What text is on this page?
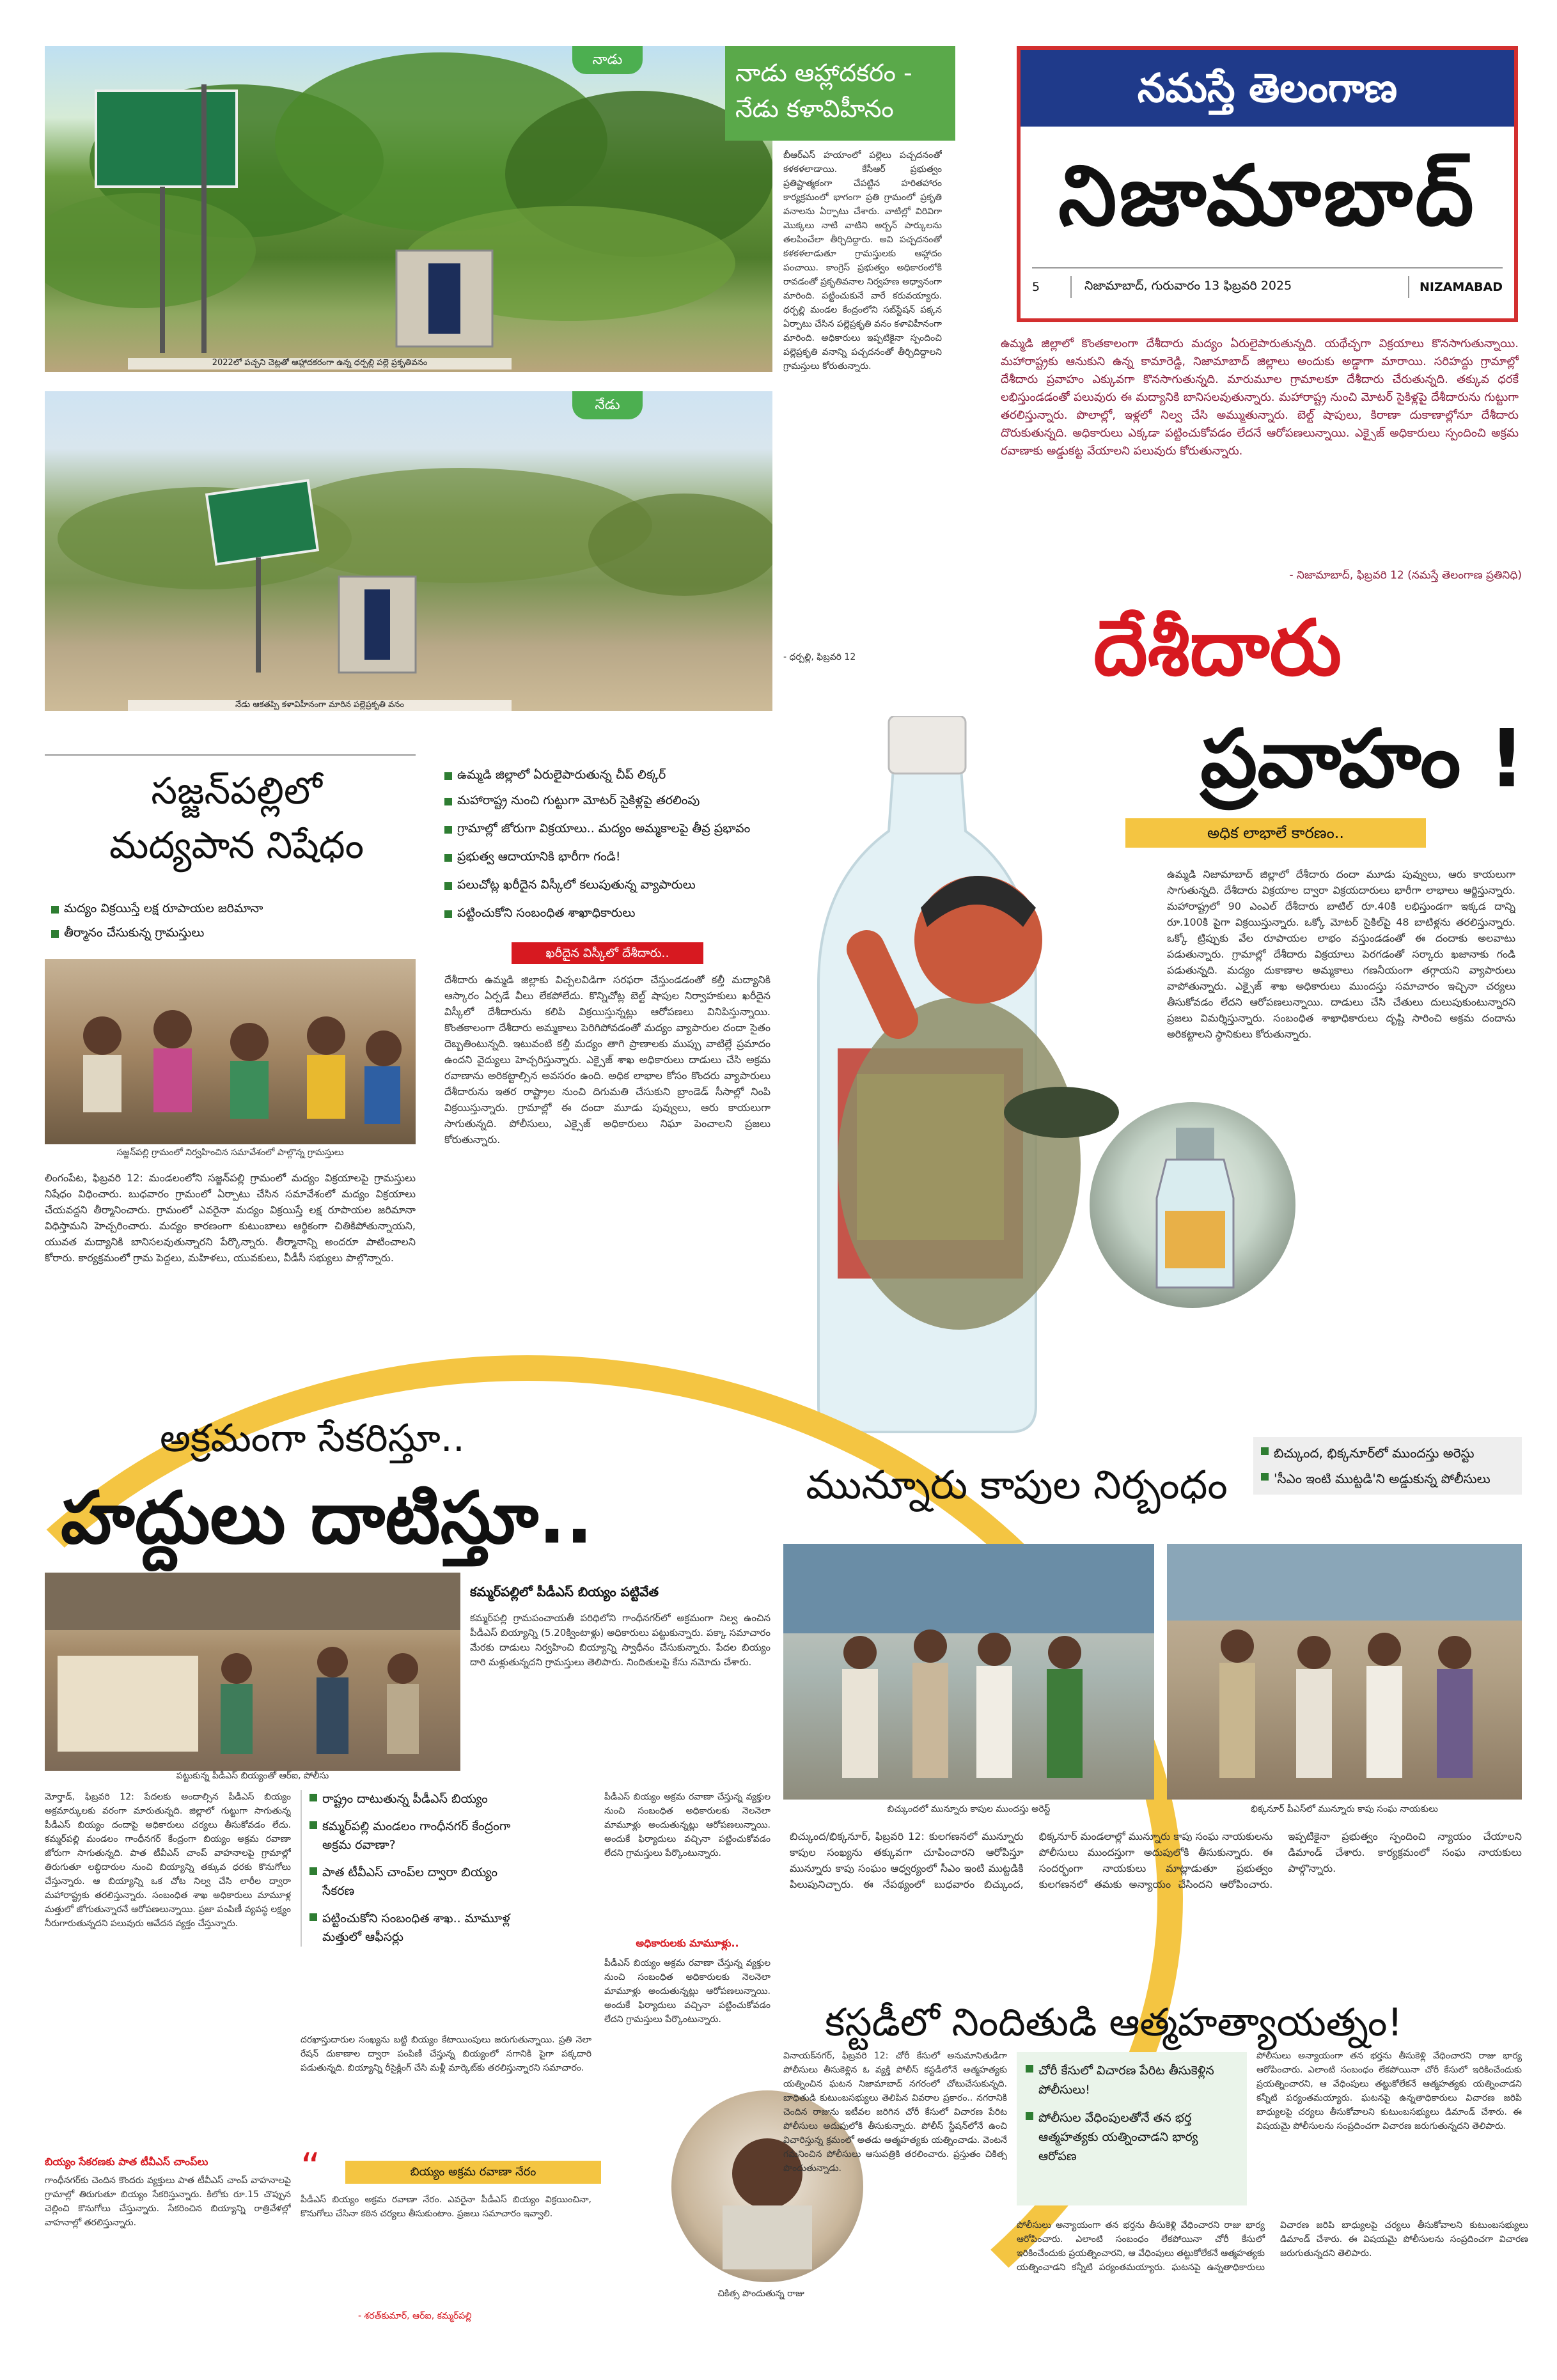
నాడు
2022లో పచ్చని చెట్లతో ఆహ్లాదకరంగా ఉన్న ధర్పల్లి పల్లె ప్రకృతివనం
నేడు
నేడు ఆకతప్పి కళావిహీనంగా మారిన పల్లెప్రకృతి వనం
నాడు ఆహ్లాదకరం -
నేడు కళావిహీనం
బీఆర్‌ఎస్ హయాంలో పల్లెలు పచ్చదనంతో కళకళలాడాయి. కేసీఆర్ ప్రభుత్వం ప్రతిష్టాత్మకంగా చేపట్టిన హరితహారం కార్యక్రమంలో భాగంగా ప్రతి గ్రామంలో ప్రకృతి వనాలను ఏర్పాటు చేశారు. వాటిల్లో విరివిగా మొక్కలు నాటి వాటిని అర్బన్ పార్కులను తలపించేలా తీర్చిదిద్దారు. అవి పచ్చదనంతో కళకళలాడుతూ గ్రామస్తులకు ఆహ్లాదం పంచాయి. కాంగ్రెస్ ప్రభుత్వం అధికారంలోకి రావడంతో ప్రకృతివనాల నిర్వహణ అధ్వానంగా మారింది. పట్టించుకునే వారే కరువయ్యారు. ధర్పల్లి మండల కేంద్రంలోని సబ్‌స్టేషన్ పక్కన ఏర్పాటు చేసిన పల్లెప్రకృతి వనం కళావిహీనంగా మారింది. అధికారులు ఇప్పటికైనా స్పందించి పల్లెప్రకృతి వనాన్ని పచ్చదనంతో తీర్చిదిద్దాలని గ్రామస్తులు కోరుతున్నారు.
- ధర్పల్లి, ఫిబ్రవరి 12
నమస్తే తెలంగాణ
నిజామాబాద్
5	నిజామాబాద్, గురువారం 13 ఫిబ్రవరి 2025	NIZAMABAD
ఉమ్మడి జిల్లాలో కొంతకాలంగా దేశీదారు మద్యం ఏరులైపారుతున్నది. యథేచ్ఛగా విక్రయాలు కొనసాగుతున్నాయి. మహారాష్ట్రకు ఆనుకుని ఉన్న కామారెడ్డి, నిజామాబాద్ జిల్లాలు అందుకు అడ్డాగా మారాయి. సరిహద్దు గ్రామాల్లో దేశీదారు ప్రవాహం ఎక్కువగా కొనసాగుతున్నది. మారుమూల గ్రామాలకూ దేశీదారు చేరుతున్నది. తక్కువ ధరకే లభిస్తుండడంతో పలువురు ఈ మద్యానికి బానిసలవుతున్నారు. మహారాష్ట్ర నుంచి మోటర్ సైకిళ్లపై దేశీదారును గుట్టుగా తరలిస్తున్నారు. పొలాల్లో, ఇళ్లలో నిల్వ చేసి అమ్ముతున్నారు. బెల్ట్ షాపులు, కిరాణా దుకాణాల్లోనూ దేశీదారు దొరుకుతున్నది. అధికారులు ఎక్కడా పట్టించుకోవడం లేదనే ఆరోపణలున్నాయి. ఎక్సైజ్ అధికారులు స్పందించి అక్రమ రవాణాకు అడ్డుకట్ట వేయాలని పలువురు కోరుతున్నారు.
- నిజామాబాద్, ఫిబ్రవరి 12 (నమస్తే తెలంగాణ ప్రతినిధి)
దేశీదారు
ప్రవాహం !
అధిక లాభాలే కారణం..
ఉమ్మడి జిల్లాలో ఏరులైపారుతున్న చీప్ లిక్కర్
మహారాష్ట్ర నుంచి గుట్టుగా మోటర్ సైకిళ్లపై తరలింపు
గ్రామాల్లో జోరుగా విక్రయాలు.. మద్యం అమ్మకాలపై తీవ్ర ప్రభావం
ప్రభుత్వ ఆదాయానికి భారీగా గండి!
పలుచోట్ల ఖరీదైన విస్కీలో కలుపుతున్న వ్యాపారులు
పట్టించుకోని సంబంధిత శాఖాధికారులు
ఖరీదైన విస్కీలో దేశీదారు..
దేశీదారు ఉమ్మడి జిల్లాకు విచ్చలవిడిగా సరఫరా చేస్తుండడంతో కల్తీ మద్యానికి ఆస్కారం ఏర్పడే వీలు లేకపోలేదు. కొన్నిచోట్ల బెల్ట్ షాపుల నిర్వాహకులు ఖరీదైన విస్కీలో దేశీదారును కలిపి విక్రయిస్తున్నట్లు ఆరోపణలు వినిపిస్తున్నాయి. కొంతకాలంగా దేశీదారు అమ్మకాలు పెరిగిపోవడంతో మద్యం వ్యాపారుల దందా సైతం దెబ్బతింటున్నది. ఇటువంటి కల్తీ మద్యం తాగి ప్రాణాలకు ముప్పు వాటిల్లే ప్రమాదం ఉందని వైద్యులు హెచ్చరిస్తున్నారు. ఎక్సైజ్ శాఖ అధికారులు దాడులు చేసి అక్రమ రవాణాను అరికట్టాల్సిన అవసరం ఉంది. అధిక లాభాల కోసం కొందరు వ్యాపారులు దేశీదారును ఇతర రాష్ట్రాల నుంచి దిగుమతి చేసుకుని బ్రాండెడ్ సీసాల్లో నింపి విక్రయిస్తున్నారు. గ్రామాల్లో ఈ దందా మూడు పువ్వులు, ఆరు కాయలుగా సాగుతున్నది. పోలీసులు, ఎక్సైజ్ అధికారులు నిఘా పెంచాలని ప్రజలు కోరుతున్నారు.
ఉమ్మడి నిజామాబాద్ జిల్లాలో దేశీదారు దందా మూడు పువ్వులు, ఆరు కాయలుగా సాగుతున్నది. దేశీదారు విక్రయాల ద్వారా విక్రయదారులు భారీగా లాభాలు ఆర్జిస్తున్నారు. మహారాష్ట్రలో 90 ఎంఎల్ దేశీదారు బాటిల్ రూ.40కి లభిస్తుండగా ఇక్కడ దాన్ని రూ.100కి పైగా విక్రయిస్తున్నారు. ఒక్కో మోటర్ సైకిల్‌పై 48 బాటిళ్లను తరలిస్తున్నారు. ఒక్కో ట్రిప్పుకు వేల రూపాయల లాభం వస్తుండడంతో ఈ దందాకు అలవాటు పడుతున్నారు. గ్రామాల్లో దేశీదారు విక్రయాలు పెరగడంతో సర్కారు ఖజానాకు గండి పడుతున్నది. మద్యం దుకాణాల అమ్మకాలు గణనీయంగా తగ్గాయని వ్యాపారులు వాపోతున్నారు. ఎక్సైజ్ శాఖ అధికారులు ముందస్తు సమాచారం ఇచ్చినా చర్యలు తీసుకోవడం లేదని ఆరోపణలున్నాయి. దాడులు చేసి చేతులు దులుపుకుంటున్నారని ప్రజలు విమర్శిస్తున్నారు. సంబంధిత శాఖాధికారులు దృష్టి సారించి అక్రమ దందాను అరికట్టాలని స్థానికులు కోరుతున్నారు.
సజ్జన్‌పల్లిలో
మద్యపాన నిషేధం
మద్యం విక్రయిస్తే లక్ష రూపాయల జరిమానా
తీర్మానం చేసుకున్న గ్రామస్తులు
సజ్జన్‌పల్లి గ్రామంలో నిర్వహించిన సమావేశంలో పాల్గొన్న గ్రామస్తులు
లింగంపేట, ఫిబ్రవరి 12: మండలంలోని సజ్జన్‌పల్లి గ్రామంలో మద్యం విక్రయాలపై గ్రామస్తులు నిషేధం విధించారు. బుధవారం గ్రామంలో ఏర్పాటు చేసిన సమావేశంలో మద్యం విక్రయాలు చేయవద్దని తీర్మానించారు. గ్రామంలో ఎవరైనా మద్యం విక్రయిస్తే లక్ష రూపాయల జరిమానా విధిస్తామని హెచ్చరించారు. మద్యం కారణంగా కుటుంబాలు ఆర్థికంగా చితికిపోతున్నాయని, యువత మద్యానికి బానిసలవుతున్నారని పేర్కొన్నారు. తీర్మానాన్ని అందరూ పాటించాలని కోరారు. కార్యక్రమంలో గ్రామ పెద్దలు, మహిళలు, యువకులు, వీడీసీ సభ్యులు పాల్గొన్నారు.
అక్రమంగా సేకరిస్తూ..
హద్దులు దాటిస్తూ..
పట్టుకున్న పీడీఎస్ బియ్యంతో ఆర్‌ఐ, పోలీసు
కమ్మర్‌పల్లిలో పీడీఎస్ బియ్యం పట్టివేత
కమ్మర్‌పల్లి గ్రామపంచాయతీ పరిధిలోని గాంధీనగర్‌లో అక్రమంగా నిల్వ ఉంచిన పీడీఎస్ బియ్యాన్ని (5.20క్వింటాళ్లు) అధికారులు పట్టుకున్నారు. పక్కా సమాచారం మేరకు దాడులు నిర్వహించి బియ్యాన్ని స్వాధీనం చేసుకున్నారు. పేదల బియ్యం దారి మళ్లుతున్నదని గ్రామస్తులు తెలిపారు. నిందితులపై కేసు నమోదు చేశారు.
రాష్ట్రం దాటుతున్న పీడీఎస్ బియ్యం
కమ్మర్‌పల్లి మండలం గాంధీనగర్ కేంద్రంగా అక్రమ రవాణా?
పాత టీవీఎస్ చాంప్‌ల ద్వారా బియ్యం సేకరణ
పట్టించుకోని సంబంధిత శాఖ.. మామూళ్ల మత్తులో ఆఫీసర్లు
మోర్తాడ్, ఫిబ్రవరి 12: పేదలకు అందాల్సిన పీడీఎస్ బియ్యం అక్రమార్కులకు వరంగా మారుతున్నది. జిల్లాలో గుట్టుగా సాగుతున్న పీడీఎస్ బియ్యం దందాపై అధికారులు చర్యలు తీసుకోవడం లేదు. కమ్మర్‌పల్లి మండలం గాంధీనగర్ కేంద్రంగా బియ్యం అక్రమ రవాణా జోరుగా సాగుతున్నది. పాత టీవీఎస్ చాంప్ వాహనాలపై గ్రామాల్లో తిరుగుతూ లబ్ధిదారుల నుంచి బియ్యాన్ని తక్కువ ధరకు కొనుగోలు చేస్తున్నారు. ఆ బియ్యాన్ని ఒక చోట నిల్వ చేసి లారీల ద్వారా మహారాష్ట్రకు తరలిస్తున్నారు. సంబంధిత శాఖ అధికారులు మామూళ్ల మత్తులో జోగుతున్నారనే ఆరోపణలున్నాయి. ప్రజా పంపిణీ వ్యవస్థ లక్ష్యం నీరుగారుతున్నదని పలువురు ఆవేదన వ్యక్తం చేస్తున్నారు.
బియ్యం సేకరణకు పాత టీవీఎస్ చాంప్‌లు
గాంధీనగర్‌కు చెందిన కొందరు వ్యక్తులు పాత టీవీఎస్ చాంప్ వాహనాలపై గ్రామాల్లో తిరుగుతూ బియ్యం సేకరిస్తున్నారు. కిలోకు రూ.15 చొప్పున చెల్లించి కొనుగోలు చేస్తున్నారు. సేకరించిన బియ్యాన్ని రాత్రివేళల్లో వాహనాల్లో తరలిస్తున్నారు.
దరఖాస్తుదారుల సంఖ్యను బట్టి బియ్యం కేటాయింపులు జరుగుతున్నాయి. ప్రతి నెలా రేషన్ దుకాణాల ద్వారా పంపిణీ చేస్తున్న బియ్యంలో సగానికి పైగా పక్కదారి పడుతున్నది. బియ్యాన్ని రీసైక్లింగ్ చేసి మళ్లీ మార్కెట్‌కు తరలిస్తున్నారని సమాచారం.
“	బియ్యం అక్రమ రవాణా నేరం
పీడీఎస్ బియ్యం అక్రమ రవాణా నేరం. ఎవరైనా పీడీఎస్ బియ్యం విక్రయించినా, కొనుగోలు చేసినా కఠిన చర్యలు తీసుకుంటాం. ప్రజలు సమాచారం ఇవ్వాలి.
- శరత్‌కుమార్, ఆర్‌ఐ, కమ్మర్‌పల్లి
అధికారులకు మామూళ్లు..
పీడీఎస్ బియ్యం అక్రమ రవాణా చేస్తున్న వ్యక్తుల నుంచి సంబంధిత అధికారులకు నెలనెలా మామూళ్లు అందుతున్నట్లు ఆరోపణలున్నాయి. అందుకే ఫిర్యాదులు వచ్చినా పట్టించుకోవడం లేదని గ్రామస్తులు పేర్కొంటున్నారు.
పీడీఎస్ బియ్యం అక్రమ రవాణా చేస్తున్న వ్యక్తుల నుంచి సంబంధిత అధికారులకు నెలనెలా మామూళ్లు అందుతున్నట్లు ఆరోపణలున్నాయి. అందుకే ఫిర్యాదులు వచ్చినా పట్టించుకోవడం లేదని గ్రామస్తులు పేర్కొంటున్నారు.
మున్నూరు కాపుల నిర్బంధం
బిచ్కుంద, భిక్కనూర్‌లో ముందస్తు అరెస్టు
'సీఎం ఇంటి ముట్టడి'ని అడ్డుకున్న పోలీసులు
బిచ్కుందలో మున్నూరు కాపుల ముందస్తు అరెస్ట్	భిక్కనూర్ పీఎస్‌లో మున్నూరు కాపు సంఘ నాయకులు
బిచ్కుంద/భిక్కనూర్, ఫిబ్రవరి 12: కులగణనలో మున్నూరు కాపుల సంఖ్యను తక్కువగా చూపించారని ఆరోపిస్తూ మున్నూరు కాపు సంఘం ఆధ్వర్యంలో సీఎం ఇంటి ముట్టడికి పిలుపునిచ్చారు. ఈ నేపథ్యంలో బుధవారం బిచ్కుంద, భిక్కనూర్ మండలాల్లో మున్నూరు కాపు సంఘ నాయకులను పోలీసులు ముందస్తుగా అదుపులోకి తీసుకున్నారు. ఈ సందర్భంగా నాయకులు మాట్లాడుతూ ప్రభుత్వం కులగణనలో తమకు అన్యాయం చేసిందని ఆరోపించారు. ఇప్పటికైనా ప్రభుత్వం స్పందించి న్యాయం చేయాలని డిమాండ్ చేశారు. కార్యక్రమంలో సంఘ నాయకులు పాల్గొన్నారు.
కస్టడీలో నిందితుడి ఆత్మహత్యాయత్నం!
చోరీ కేసులో విచారణ పేరిట తీసుకెళ్లిన పోలీసులు!
పోలీసుల వేధింపులతోనే తన భర్త ఆత్మహత్యకు యత్నించాడని భార్య ఆరోపణ
చికిత్స పొందుతున్న రాజు
వినాయక్‌నగర్, ఫిబ్రవరి 12: చోరీ కేసులో అనుమానితుడిగా పోలీసులు తీసుకెళ్లిన ఓ వ్యక్తి పోలీస్ కస్టడీలోనే ఆత్మహత్యకు యత్నించిన ఘటన నిజామాబాద్ నగరంలో చోటుచేసుకున్నది. బాధితుడి కుటుంబసభ్యులు తెలిపిన వివరాల ప్రకారం.. నగరానికి చెందిన రాజును ఇటీవల జరిగిన చోరీ కేసులో విచారణ పేరిట పోలీసులు అదుపులోకి తీసుకున్నారు. పోలీస్ స్టేషన్‌లోనే ఉంచి విచారిస్తున్న క్రమంలో అతడు ఆత్మహత్యకు యత్నించాడు. వెంటనే గమనించిన పోలీసులు ఆసుపత్రికి తరలించారు. ప్రస్తుతం చికిత్స పొందుతున్నాడు.
పోలీసులు అన్యాయంగా తన భర్తను తీసుకెళ్లి వేధించారని రాజు భార్య ఆరోపించారు. ఎలాంటి సంబంధం లేకపోయినా చోరీ కేసులో ఇరికించేందుకు ప్రయత్నించారని, ఆ వేధింపులు తట్టుకోలేకనే ఆత్మహత్యకు యత్నించాడని కన్నీటి పర్యంతమయ్యారు. ఘటనపై ఉన్నతాధికారులు విచారణ జరిపి బాధ్యులపై చర్యలు తీసుకోవాలని కుటుంబసభ్యులు డిమాండ్ చేశారు. ఈ విషయమై పోలీసులను సంప్రదించగా విచారణ జరుగుతున్నదని తెలిపారు.
పోలీసులు అన్యాయంగా తన భర్తను తీసుకెళ్లి వేధించారని రాజు భార్య ఆరోపించారు. ఎలాంటి సంబంధం లేకపోయినా చోరీ కేసులో ఇరికించేందుకు ప్రయత్నించారని, ఆ వేధింపులు తట్టుకోలేకనే ఆత్మహత్యకు యత్నించాడని కన్నీటి పర్యంతమయ్యారు. ఘటనపై ఉన్నతాధికారులు విచారణ జరిపి బాధ్యులపై చర్యలు తీసుకోవాలని కుటుంబసభ్యులు డిమాండ్ చేశారు. ఈ విషయమై పోలీసులను సంప్రదించగా విచారణ జరుగుతున్నదని తెలిపారు.
